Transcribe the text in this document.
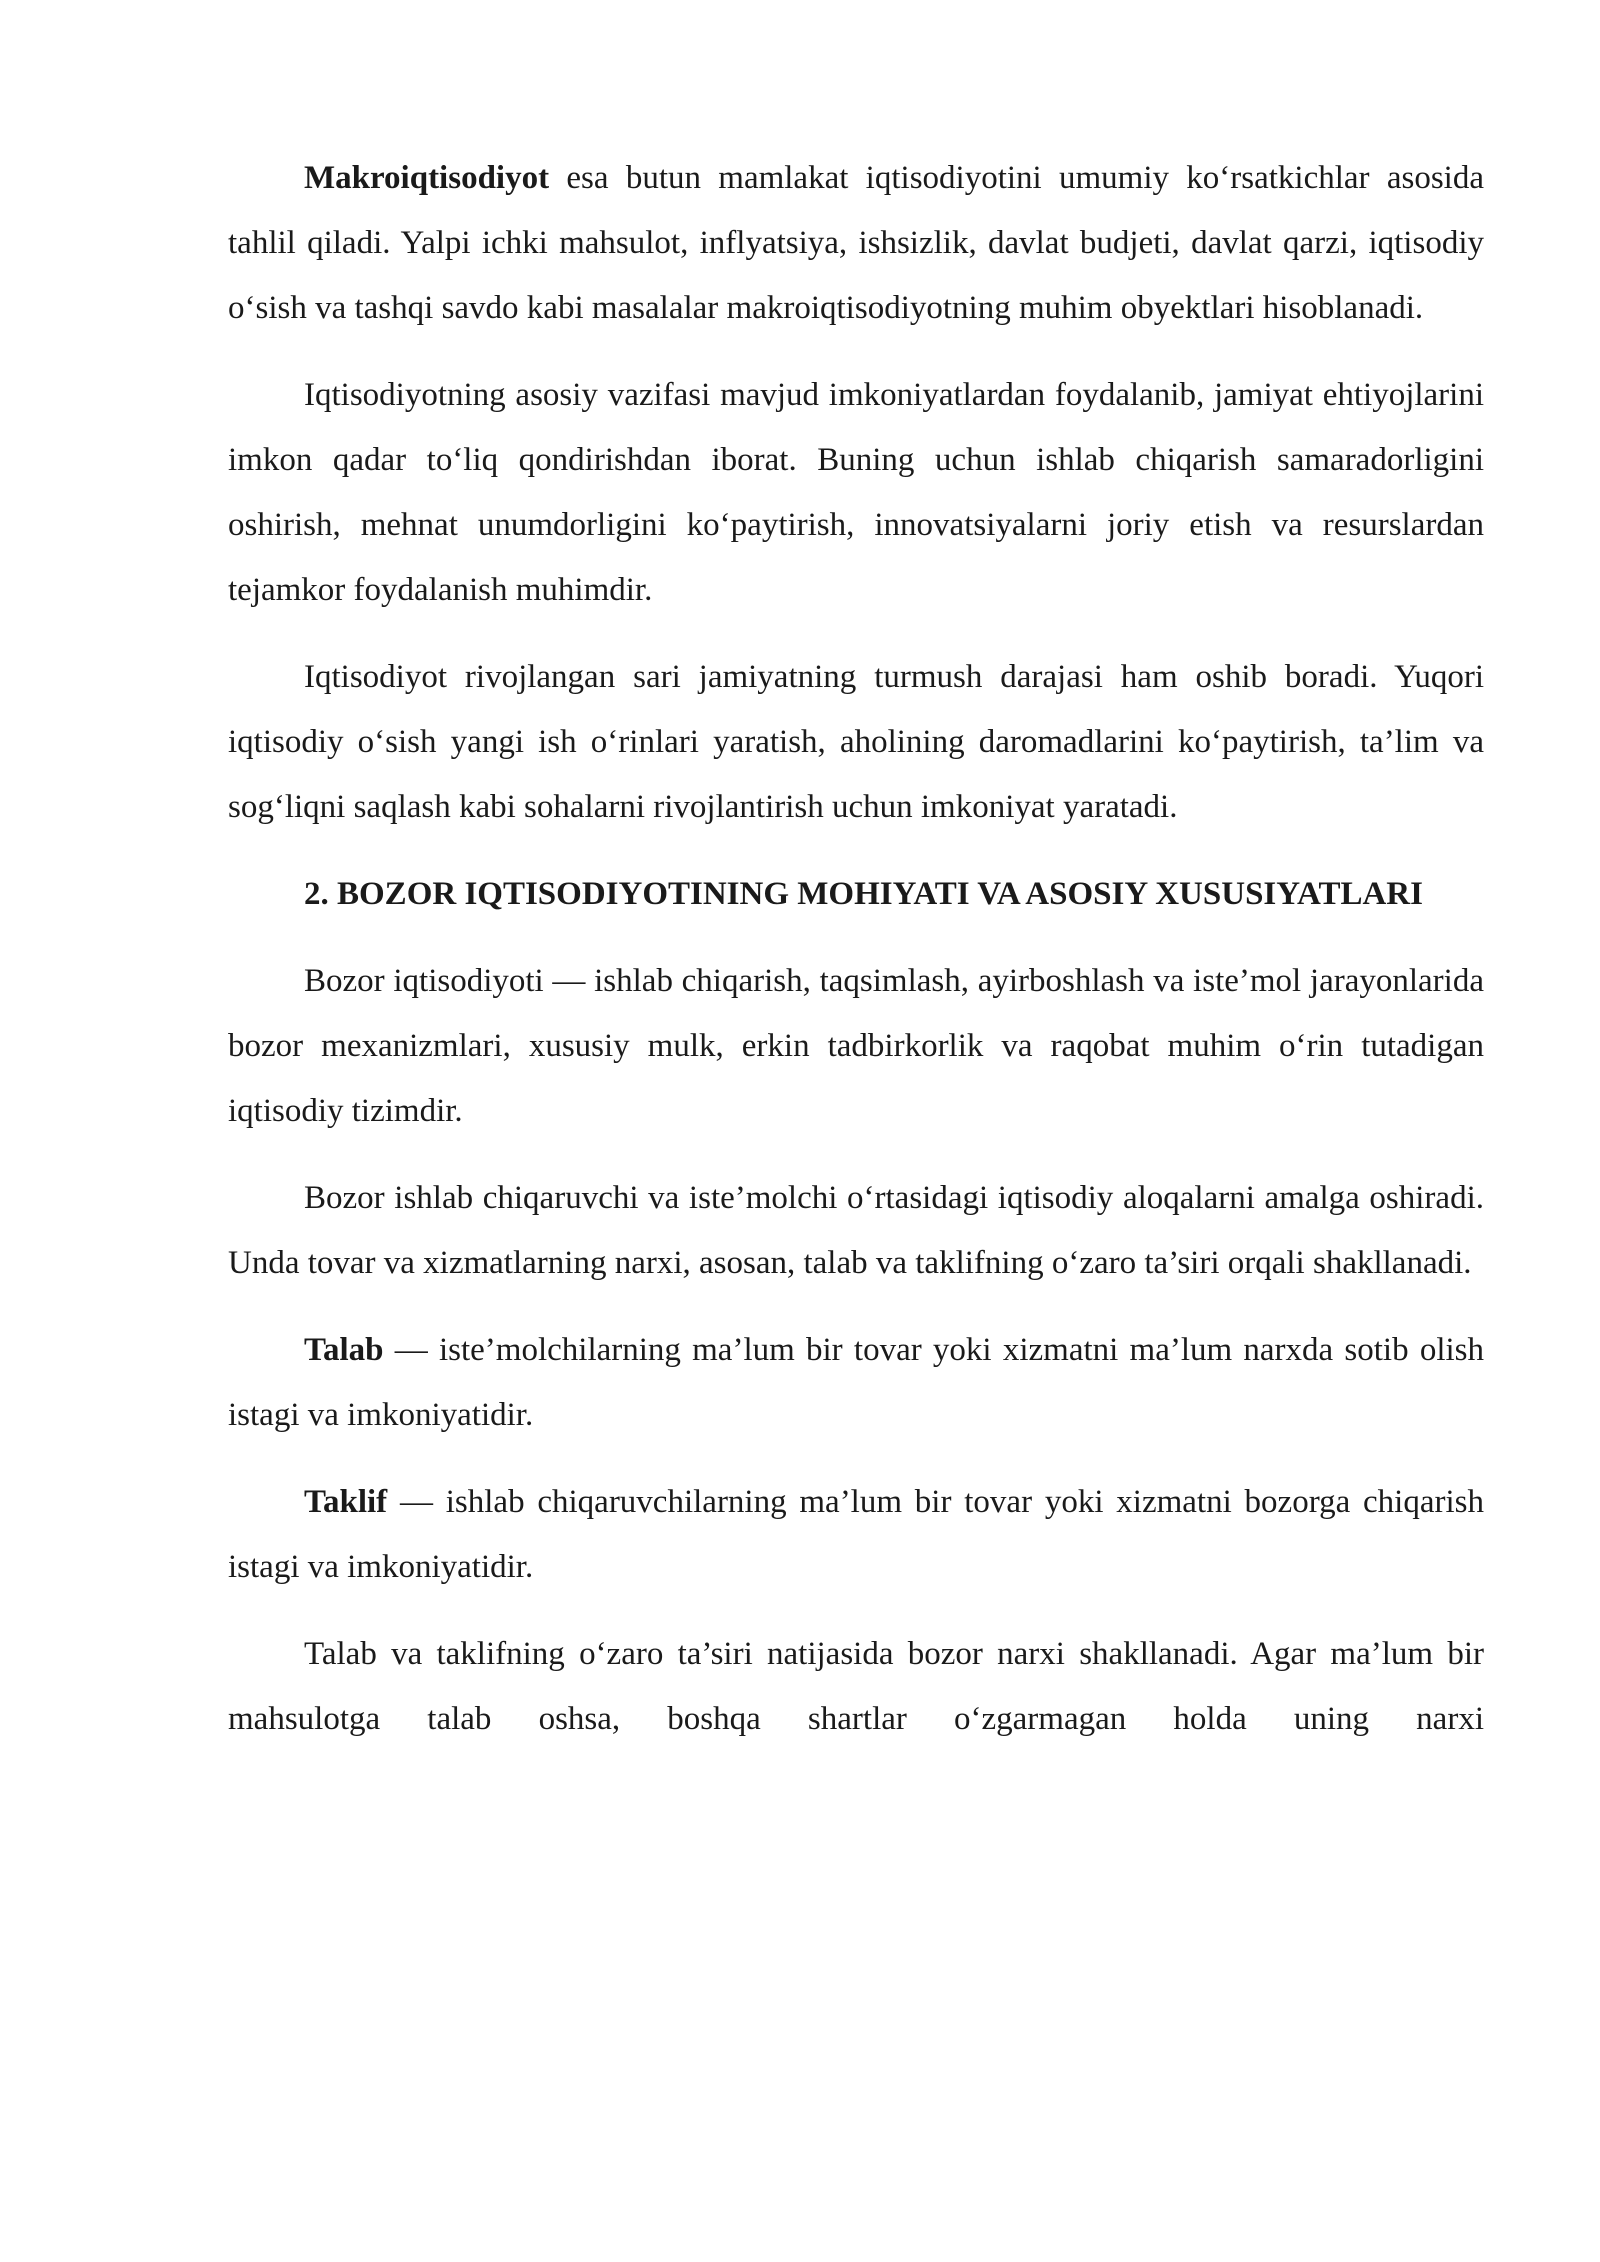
Makroiqtisodiyot esa butun mamlakat iqtisodiyotini umumiy ko‘rsatkichlar asosida tahlil qiladi. Yalpi ichki mahsulot, inflyatsiya, ishsizlik, davlat budjeti, davlat qarzi, iqtisodiy o‘sish va tashqi savdo kabi masalalar makroiqtisodiyotning muhim obyektlari hisoblanadi.

Iqtisodiyotning asosiy vazifasi mavjud imkoniyatlardan foydalanib, jamiyat ehtiyojlarini imkon qadar to‘liq qondirishdan iborat. Buning uchun ishlab chiqarish samaradorligini oshirish, mehnat unumdorligini ko‘paytirish, innovatsiyalarni joriy etish va resurslardan tejamkor foydalanish muhimdir.

Iqtisodiyot rivojlangan sari jamiyatning turmush darajasi ham oshib boradi. Yuqori iqtisodiy o‘sish yangi ish o‘rinlari yaratish, aholining daromadlarini ko‘paytirish, ta’lim va sog‘liqni saqlash kabi sohalarni rivojlantirish uchun imkoniyat yaratadi.

2. BOZOR IQTISODIYOTINING MOHIYATI VA ASOSIY XUSUSIYATLARI

Bozor iqtisodiyoti — ishlab chiqarish, taqsimlash, ayirboshlash va iste’mol jarayonlarida bozor mexanizmlari, xususiy mulk, erkin tadbirkorlik va raqobat muhim o‘rin tutadigan iqtisodiy tizimdir.

Bozor ishlab chiqaruvchi va iste’molchi o‘rtasidagi iqtisodiy aloqalarni amalga oshiradi. Unda tovar va xizmatlarning narxi, asosan, talab va taklifning o‘zaro ta’siri orqali shakllanadi.

Talab — iste’molchilarning ma’lum bir tovar yoki xizmatni ma’lum narxda sotib olish istagi va imkoniyatidir.

Taklif — ishlab chiqaruvchilarning ma’lum bir tovar yoki xizmatni bozorga chiqarish istagi va imkoniyatidir.

Talab va taklifning o‘zaro ta’siri natijasida bozor narxi shakllanadi. Agar ma’lum bir mahsulotga talab oshsa, boshqa shartlar o‘zgarmagan holda uning narxi
